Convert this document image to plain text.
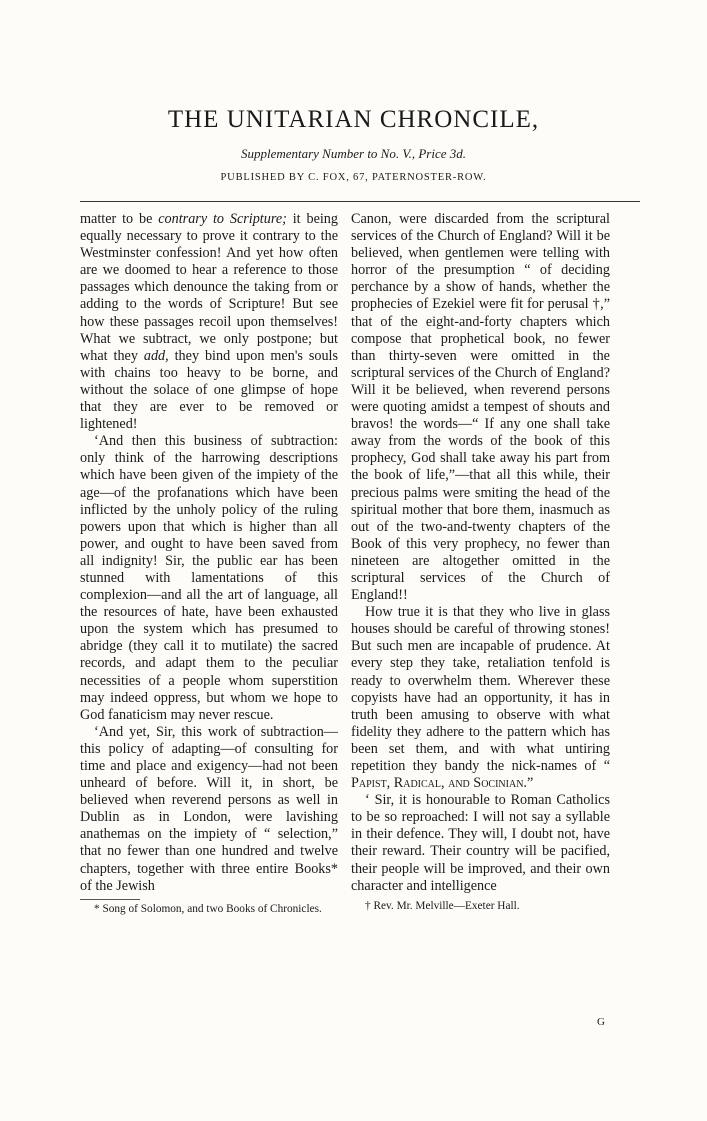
THE UNITARIAN CHRONCILE,
Supplementary Number to No. V., Price 3d.
PUBLISHED BY C. FOX, 67, PATERNOSTER-ROW.

matter to be contrary to Scripture; it being equally necessary to prove it contrary to the Westminster confession! And yet how often are we doomed to hear a reference to those passages which denounce the taking from or adding to the words of Scripture! But see how these passages recoil upon themselves! What we subtract, we only postpone; but what they add, they bind upon men's souls with chains too heavy to be borne, and without the solace of one glimpse of hope that they are ever to be removed or lightened!

‘And then this business of subtraction: only think of the harrowing descriptions which have been given of the impiety of the age—of the profanations which have been inflicted by the unholy policy of the ruling powers upon that which is higher than all power, and ought to have been saved from all indignity! Sir, the public ear has been stunned with lamentations of this complexion—and all the art of language, all the resources of hate, have been exhausted upon the system which has presumed to abridge (they call it to mutilate) the sacred records, and adapt them to the peculiar necessities of a people whom superstition may indeed oppress, but whom we hope to God fanaticism may never rescue.

‘And yet, Sir, this work of subtraction—this policy of adapting—of consulting for time and place and exigency—had not been unheard of before. Will it, in short, be believed when reverend persons as well in Dublin as in London, were lavishing anathemas on the impiety of “ selection,” that no fewer than one hundred and twelve chapters, together with three entire Books* of the Jewish

* Song of Solomon, and two Books of Chronicles.

Canon, were discarded from the scriptural services of the Church of England? Will it be believed, when gentlemen were telling with horror of the presumption “ of deciding perchance by a show of hands, whether the prophecies of Ezekiel were fit for perusal †,” that of the eight-and-forty chapters which compose that prophetical book, no fewer than thirty-seven were omitted in the scriptural services of the Church of England? Will it be believed, when reverend persons were quoting amidst a tempest of shouts and bravos! the words—“ If any one shall take away from the words of the book of this prophecy, God shall take away his part from the book of life,”—that all this while, their precious palms were smiting the head of the spiritual mother that bore them, inasmuch as out of the two-and-twenty chapters of the Book of this very prophecy, no fewer than nineteen are altogether omitted in the scriptural services of the Church of England!!

How true it is that they who live in glass houses should be careful of throwing stones! But such men are incapable of prudence. At every step they take, retaliation tenfold is ready to overwhelm them. Wherever these copyists have had an opportunity, it has in truth been amusing to observe with what fidelity they adhere to the pattern which has been set them, and with what untiring repetition they bandy the nick-names of “ Papist, Radical, and Socinian.”

‘ Sir, it is honourable to Roman Catholics to be so reproached: I will not say a syllable in their defence. They will, I doubt not, have their reward. Their country will be pacified, their people will be improved, and their own character and intelligence

† Rev. Mr. Melville—Exeter Hall.

G
